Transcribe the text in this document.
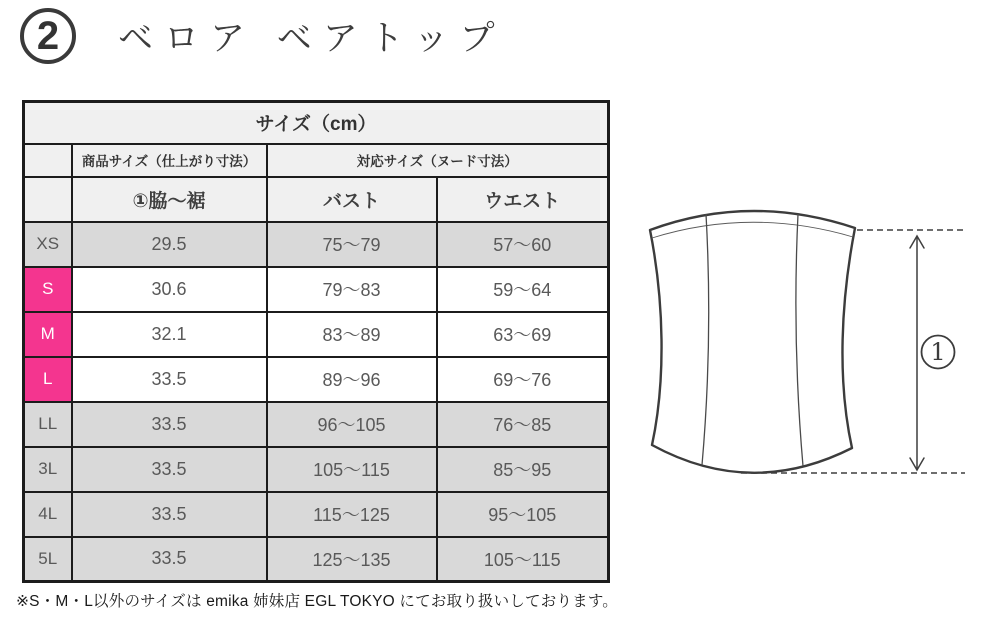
2 ベロア ベアトップ
サイズ（cm）			
	商品サイズ（仕上がり寸法）	対応サイズ（ヌード寸法）	
	①脇〜裾	バスト	ウエスト
XS	29.5	75〜79	57〜60
S	30.6	79〜83	59〜64
M	32.1	83〜89	63〜69
L	33.5	89〜96	69〜76
LL	33.5	96〜105	76〜85
3L	33.5	105〜115	85〜95
4L	33.5	115〜125	95〜105
5L	33.5	125〜135	105〜115
1
※S・M・L以外のサイズは emika 姉妹店 EGL TOKYO にてお取り扱いしております。
